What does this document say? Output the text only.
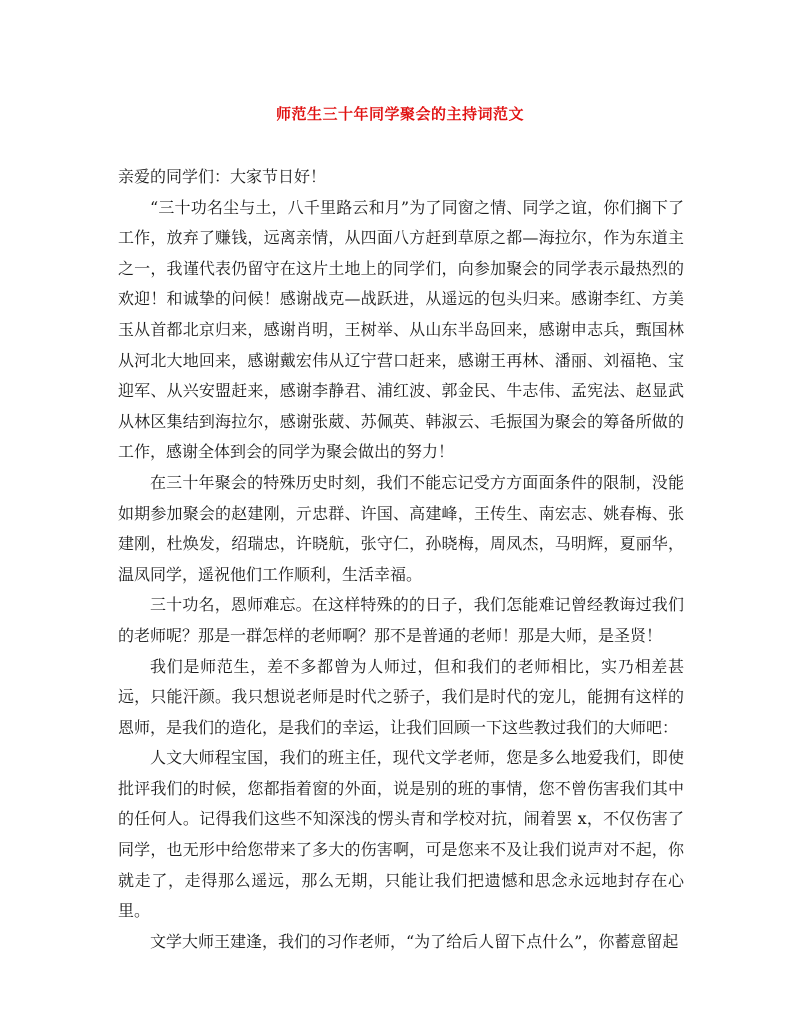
师范生三十年同学聚会的主持词范文

亲爱的同学们：大家节日好！

“三十功名尘与土，八千里路云和月”为了同窗之情、同学之谊，你们搁下了工作，放弃了赚钱，远离亲情，从四面八方赶到草原之都—海拉尔，作为东道主之一，我谨代表仍留守在这片土地上的同学们，向参加聚会的同学表示最热烈的欢迎！和诚挚的问候！感谢战克—战跃进，从遥远的包头归来。感谢李红、方美玉从首都北京归来，感谢肖明，王树举、从山东半岛回来，感谢申志兵，甄国林从河北大地回来，感谢戴宏伟从辽宁营口赶来，感谢王再林、潘丽、刘福艳、宝迎军、从兴安盟赶来，感谢李静君、浦红波、郭金民、牛志伟、孟宪法、赵显武从林区集结到海拉尔，感谢张葳、苏佩英、韩淑云、毛振国为聚会的筹备所做的工作，感谢全体到会的同学为聚会做出的努力！

在三十年聚会的特殊历史时刻，我们不能忘记受方方面面条件的限制，没能如期参加聚会的赵建刚，亓忠群、许国、高建峰，王传生、南宏志、姚春梅、张建刚，杜焕发，绍瑞忠，许晓航，张守仁，孙晓梅，周凤杰，马明辉，夏丽华，温凤同学，遥祝他们工作顺利，生活幸福。

三十功名，恩师难忘。在这样特殊的的日子，我们怎能难记曾经教诲过我们的老师呢？那是一群怎样的老师啊？那不是普通的老师！那是大师，是圣贤！

我们是师范生，差不多都曾为人师过，但和我们的老师相比，实乃相差甚远，只能汗颜。我只想说老师是时代之骄子，我们是时代的宠儿，能拥有这样的恩师，是我们的造化，是我们的幸运，让我们回顾一下这些教过我们的大师吧：

人文大师程宝国，我们的班主任，现代文学老师，您是多么地爱我们，即使批评我们的时候，您都指着窗的外面，说是别的班的事情，您不曾伤害我们其中的任何人。记得我们这些不知深浅的愣头青和学校对抗，闹着罢 x，不仅伤害了同学，也无形中给您带来了多大的伤害啊，可是您来不及让我们说声对不起，你就走了，走得那么遥远，那么无期，只能让我们把遗憾和思念永远地封存在心里。

文学大师王建逢，我们的习作老师，“为了给后人留下点什么”，你蓄意留起
